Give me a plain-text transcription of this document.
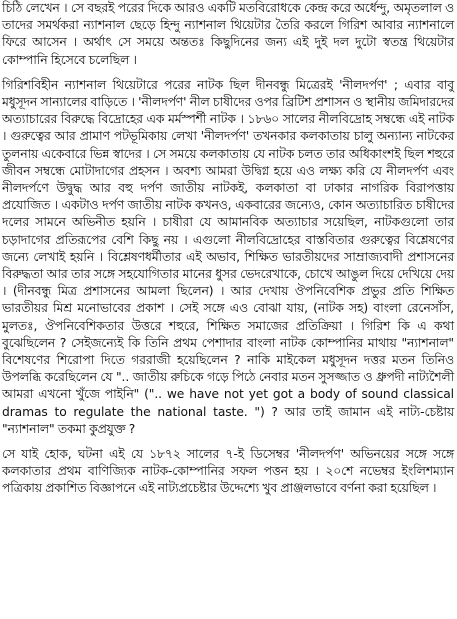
চিঠি লেখেন । সে বছরই পরের দিকে আরও একটি মতবিরোধকে কেন্দ্র করে অর্ধেন্দু, অমৃতলাল ও তাদের সমর্থকরা ন্যাশনাল ছেড়ে হিন্দু ন্যাশনাল থিয়েটার তৈরি করলে গিরিশ আবার ন্যাশনালে ফিরে আসেন । অর্থাৎ সে সময়ে অন্ততঃ কিছুদিনের জন্য এই দুই দল দুটো স্বতন্ত্র থিয়েটার কোম্পানি হিসেবে চলেছিল ।

গিরিশবিহীন ন্যাশনাল থিয়েটারে পরের নাটক ছিল দীনবন্ধু মিত্রেরই 'নীলদর্পণ' ; এবার বাবু মধুসূদন সান্যালের বাড়িতে । 'নীলদর্পণ' নীল চাষীদের ওপর ব্রিটিশ প্রশাসন ও স্থানীয় জমিদারদের অত্যাচারের বিরুদ্ধে বিদ্রোহের এক মর্মস্পর্শী নাটক । ১৮৬০ সালের নীলবিদ্রোহ সম্বন্ধে এই নাটক । গুরুত্বের আর প্রামাণ পটভূমিকায় লেখা 'নীলদর্পণ' তখনকার কলকাতায় চালু অন্যান্য নাটকের তুলনায় একেবারে ভিন্ন স্বাদের । সে সময়ে কলকাতায় যে নাটক চলত তার অধিকাংশই ছিল শহুরে জীবন সম্বন্ধে মোটাদাগের প্রহসন । অবশ্য আমরা উদ্বিগ্ন হয়ে এও লক্ষ্য করি যে নীলদর্পণ এবং নীলদর্পণে উদ্বুদ্ধ আর বহু দর্পণ জাতীয় নাটকই, কলকাতা বা ঢাকার নাগরিক বিরাপত্তায় প্রযোজিত । একটাও দর্পণ জাতীয় নাটক কখনও, একবারের জন্যেও, কোন অত্যাচারিত চাষীদের দলের সামনে অভিনীত হয়নি । চাষীরা যে আমানবিক অত্যাচার সয়েছিল, নাটকগুলো তার চড়াদাগের প্রতিরূপের বেশি কিছু নয় । এগুলো নীলবিদ্রোহের বাস্তবিতার গুরুত্বের বিশ্লেষণের জন্যে লেখাই হয়নি । বিশ্লেষণধর্মীতার এই অভাব, শিক্ষিত ভারতীয়দের সাম্রাজ্যবাদী প্রশাসনের বিরুদ্ধতা আর তার সঙ্গে সহযোগিতার মানের ধুসর ভেদরেখাকে, চোখে আঙুল দিয়ে দেখিয়ে দেয় । (দীনবন্ধু মিত্র প্রশাসনের আমলা ছিলেন) । আর দেখায় ঔপনিবেশিক প্রভুর প্রতি শিক্ষিত ভারতীয়র মিশ্র মনোভাবের প্রকাশ । সেই সঙ্গে এও বোঝা যায়, (নাটক সহ) বাংলা রেনেসাঁস, মুলতঃ, ঔপনিবেশিকতার উত্তরে শহুরে, শিক্ষিত সমাজের প্রতিক্রিয়া । গিরিশ কি এ কথা বুঝেছিলেন ? সেইজন্যেই কি তিনি প্রথম পেশাদার বাংলা নাটক কোম্পানির মাথায় "ন্যাশনাল" বিশেষণের শিরোপা দিতে গররাজী হয়েছিলেন ? নাকি মাইকেল মধুসূদন দত্তর মতন তিনিও উপলব্ধি করেছিলেন যে ".. জাতীয় রুচিকে গড়ে পিঠে নেবার মতন সুসজ্জাত ও ধ্রুপদী নাট্যশৈলী আমরা এখনো খুঁজে পাইনি" (".. we have not yet got a body of sound classical dramas to regulate the national taste. ") ? আর তাই জামান এই নাট্য-চেষ্টায় "ন্যাশনাল" তকমা কুপ্রযুক্ত ?

সে যাই হোক, ঘটনা এই যে ১৮৭২ সালের ৭-ই ডিসেম্বর 'নীলদর্পণ' অভিনয়ের সঙ্গে সঙ্গে কলকাতার প্রথম বাণিজ্যিক নাটক-কোম্পানির সফল পত্তন হয় । ২০শে নভেম্বর ইংলিশম্যান পত্রিকায় প্রকাশিত বিজ্ঞাপনে এই নাট্যপ্রচেষ্টার উদ্দেশ্যে খুব প্রাঞ্জলভাবে বর্ণনা করা হয়েছিল ।
